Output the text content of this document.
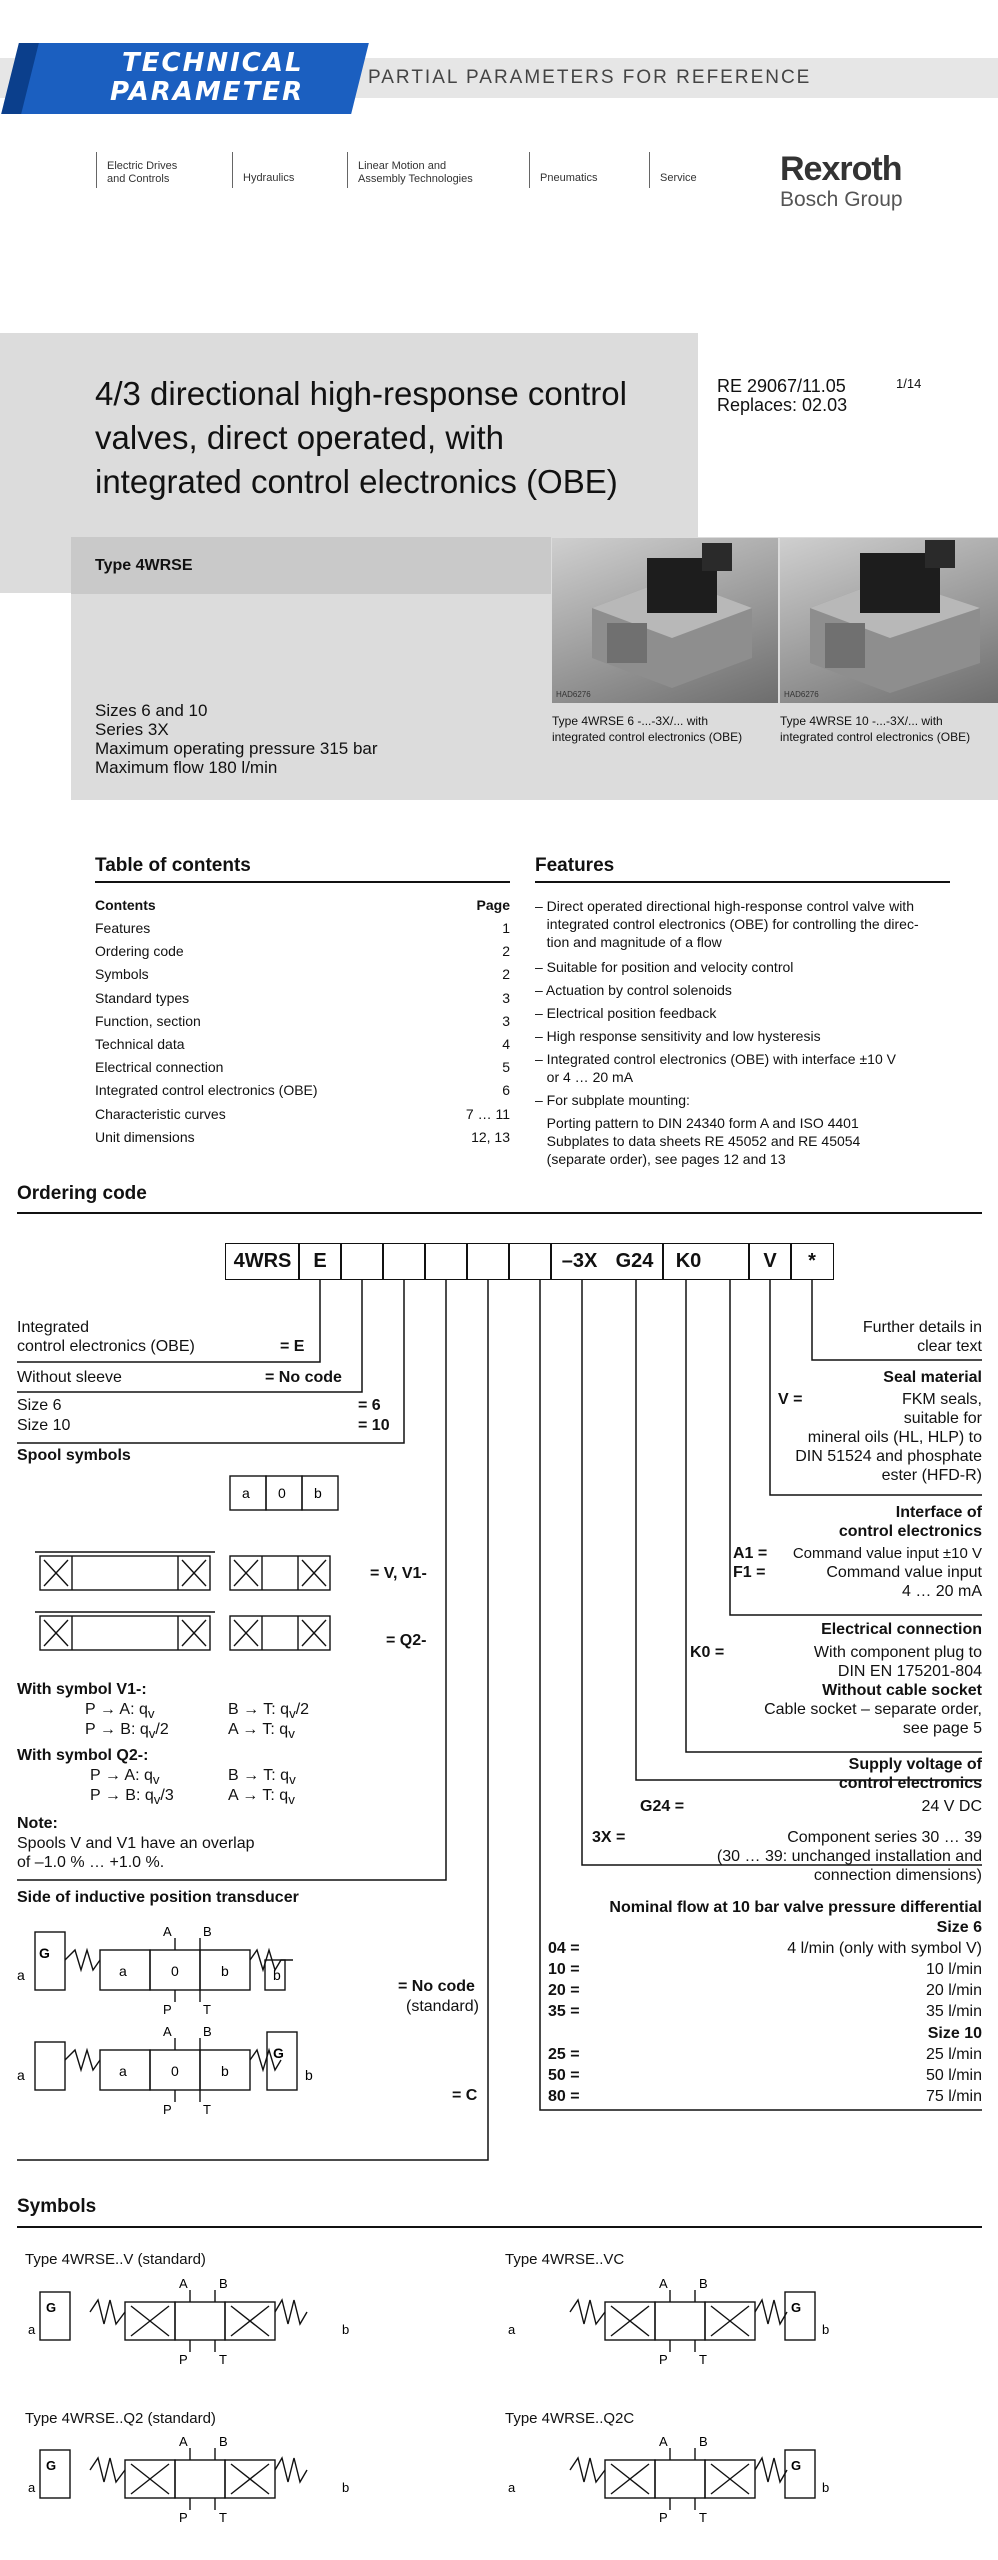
TECHNICAL
PARAMETER	PARTIAL PARAMETERS FOR REFERENCE
Electric Drives
and Controls	Hydraulics
Linear Motion and
Assembly Technologies	Pneumatics	Service Rexroth
Bosch Group
4/3 directional high-response control
valves, direct operated, with
integrated control electronics (OBE)
RE 29067/11.05
Replaces: 02.03
1/14
Type 4WRSE
Sizes 6 and 10
Series 3X
Maximum operating pressure 315 bar
Maximum flow 180 l/min
HAD6276	HAD6276
Type 4WRSE 6 -...-3X/... with
integrated control electronics (OBE)
Type 4WRSE 10 -...-3X/... with
integrated control electronics (OBE)
Table of contents
Contents	Page
Features	1
Ordering code	2
Symbols	2
Standard types	3
Function, section	3
Technical data	4
Electrical connection	5
Integrated control electronics (OBE)	6
Characteristic curves	7 … 11
Unit dimensions	12, 13
Features
– Direct operated directional high-response control valve with
integrated control electronics (OBE) for controlling the direc-
tion and magnitude of a flow
– Suitable for position and velocity control
– Actuation by control solenoids
– Electrical position feedback
– High response sensitivity and low hysteresis
– Integrated control electronics (OBE) with interface ±10 V
or 4 … 20 mA
– For subplate mounting:
Porting pattern to DIN 24340 form A and ISO 4401
Subplates to data sheets RE 45052 and RE 45054
(separate order), see pages 12 and 13
Ordering code
4WRS	E	–3X G24	K0	V	*
Integrated
control electronics (OBE)	= E
Without sleeve	= No code
Size 6	= 6
Size 10	= 10
Spool symbols
a 0 b
= V, V1-
= Q2-
With symbol V1-:
P → A: $q_v$
P → B: $q_v/2$
B → T: $q_v/2$
A → T: $q_v$
With symbol Q2-:
P → A: $q_v$
P → B: $q_v/3$
B → T: $q_v$
A → T: $q_v$
Note:
Spools V and V1 have an overlap
of –1.0 % … +1.0 %.
Side of inductive position transducer
a	b
a	0	b
A B
P T
G
a	b
a	0	b
A B
P T
G
= No code
(standard)
= C
Further details in
clear text
Seal material
V =	FKM seals,
suitable for
mineral oils (HL, HLP) to
DIN 51524 and phosphate
ester (HFD-R)
Interface of
control electronics
A1 =	Command value input ±10 V
F1 =	Command value input
4 … 20 mA
Electrical connection
K0 =	With component plug to
DIN EN 175201-804
Without cable socket
Cable socket – separate order,
see page 5
Supply voltage of
control electronics
G24 =	24 V DC
3X =	Component series 30 … 39
(30 … 39: unchanged installation and
connection dimensions)
Nominal flow at 10 bar valve pressure differential
Size 6
04 =	4 l/min (only with symbol V)
10 =	10 l/min
20 =	20 l/min
35 =	35 l/min
Size 10
25 =	25 l/min
50 =	50 l/min
80 =	75 l/min
Symbols
Type 4WRSE..V (standard)	Type 4WRSE..VC
Type 4WRSE..Q2 (standard)	Type 4WRSE..Q2C
G
a	b
A B
P T
G
a	b
A B
P T
G
a	b
A B
P T
G
a	b
A B
P T
